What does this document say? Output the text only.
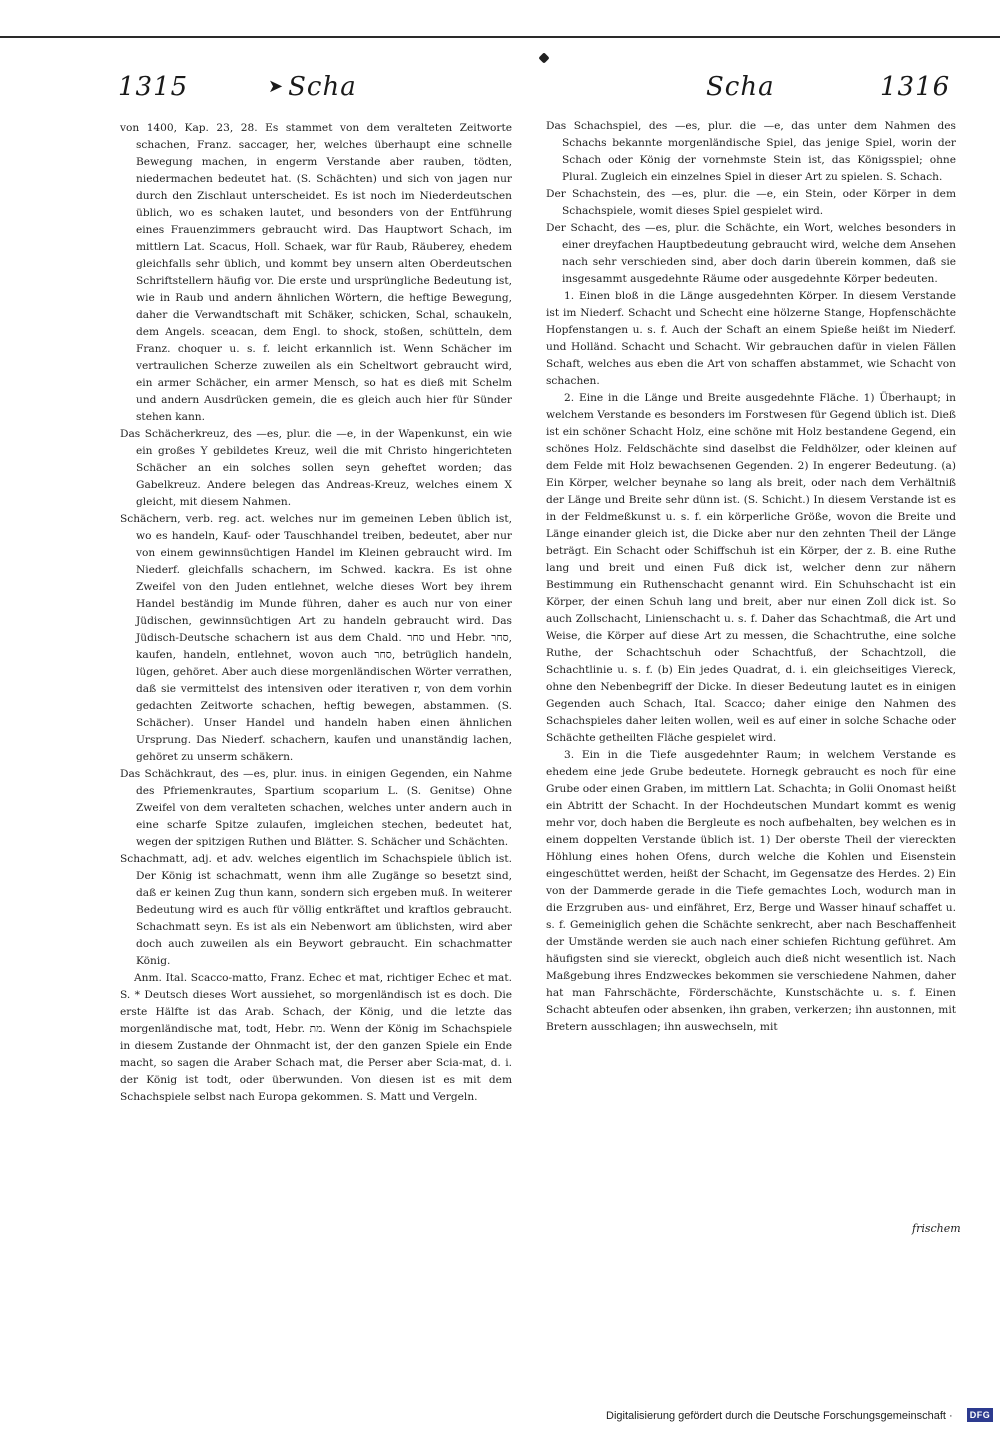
1315	➤ Scha	Scha	1316

von 1400, Kap. 23, 28. Es stammet von dem veralteten Zeitworte schachen, Franz. saccager, her, welches überhaupt eine schnelle Bewegung machen, in engerm Verstande aber rauben, tödten, niedermachen bedeutet hat. (S. Schächten) und sich von jagen nur durch den Zischlaut unterscheidet. Es ist noch im Niederdeutschen üblich, wo es schaken lautet, und besonders von der Entführung eines Frauenzimmers gebraucht wird. Das Hauptwort Schach, im mittlern Lat. Scacus, Holl. Schaek, war für Raub, Räuberey, ehedem gleichfalls sehr üblich, und kommt bey unsern alten Oberdeutschen Schriftstellern häufig vor. Die erste und ursprüngliche Bedeutung ist, wie in Raub und andern ähnlichen Wörtern, die heftige Bewegung, daher die Verwandtschaft mit Schäker, schicken, Schal, schaukeln, dem Angels. sceacan, dem Engl. to shock, stoßen, schütteln, dem Franz. choquer u. s. f. leicht erkannlich ist. Wenn Schächer im vertraulichen Scherze zuweilen als ein Scheltwort gebraucht wird, ein armer Schächer, ein armer Mensch, so hat es dieß mit Schelm und andern Ausdrücken gemein, die es gleich auch hier für Sünder stehen kann.

Das Schächerkreuz, des —es, plur. die —e, in der Wapenkunst, ein wie ein großes Y gebildetes Kreuz, weil die mit Christo hingerichteten Schächer an ein solches sollen seyn geheftet worden; das Gabelkreuz. Andere belegen das Andreas-Kreuz, welches einem X gleicht, mit diesem Nahmen.

Schächern, verb. reg. act. welches nur im gemeinen Leben üblich ist, wo es handeln, Kauf- oder Tauschhandel treiben, bedeutet, aber nur von einem gewinnsüchtigen Handel im Kleinen gebraucht wird. Im Niederf. gleichfalls schachern, im Schwed. kackra. Es ist ohne Zweifel von den Juden entlehnet, welche dieses Wort bey ihrem Handel beständig im Munde führen, daher es auch nur von einer Jüdischen, gewinnsüchtigen Art zu handeln gebraucht wird. Das Jüdisch-Deutsche schachern ist aus dem Chald. סחר und Hebr. סחר, kaufen, handeln, entlehnet, wovon auch סחר, betrüglich handeln, lügen, gehöret. Aber auch diese morgenländischen Wörter verrathen, daß sie vermittelst des intensiven oder iterativen r, von dem vorhin gedachten Zeitworte schachen, heftig bewegen, abstammen. (S. Schächer). Unser Handel und handeln haben einen ähnlichen Ursprung. Das Niederf. schachern, kaufen und unanständig lachen, gehöret zu unserm schäkern.

Das Schächkraut, des —es, plur. inus. in einigen Gegenden, ein Nahme des Pfriemenkrautes, Spartium scoparium L. (S. Genitse) Ohne Zweifel von dem veralteten schachen, welches unter andern auch in eine scharfe Spitze zulaufen, imgleichen stechen, bedeutet hat, wegen der spitzigen Ruthen und Blätter. S. Schächer und Schächten.

Schachmatt, adj. et adv. welches eigentlich im Schachspiele üblich ist. Der König ist schachmatt, wenn ihm alle Zugänge so besetzt sind, daß er keinen Zug thun kann, sondern sich ergeben muß. In weiterer Bedeutung wird es auch für völlig entkräftet und kraftlos gebraucht. Schachmatt seyn. Es ist als ein Nebenwort am üblichsten, wird aber doch auch zuweilen als ein Beywort gebraucht. Ein schachmatter König.

Anm. Ital. Scacco-matto, Franz. Echec et mat, richtiger Echec et mat. S. * Deutsch dieses Wort aussiehet, so morgenländisch ist es doch. Die erste Hälfte ist das Arab. Schach, der König, und die letzte das morgenländische mat, todt, Hebr. מת. Wenn der König im Schachspiele in diesem Zustande der Ohnmacht ist, der den ganzen Spiele ein Ende macht, so sagen die Araber Schach mat, die Perser aber Scia-mat, d. i. der König ist todt, oder überwunden. Von diesen ist es mit dem Schachspiele selbst nach Europa gekommen. S. Matt und Vergeln.

Das Schachspiel, des —es, plur. die —e, das unter dem Nahmen des Schachs bekannte morgenländische Spiel, das jenige Spiel, worin der Schach oder König der vornehmste Stein ist, das Königsspiel; ohne Plural. Zugleich ein einzelnes Spiel in dieser Art zu spielen. S. Schach.

Der Schachstein, des —es, plur. die —e, ein Stein, oder Körper in dem Schachspiele, womit dieses Spiel gespielet wird.

Der Schacht, des —es, plur. die Schächte, ein Wort, welches besonders in einer dreyfachen Hauptbedeutung gebraucht wird, welche dem Ansehen nach sehr verschieden sind, aber doch darin überein kommen, daß sie insgesammt ausgedehnte Räume oder ausgedehnte Körper bedeuten.

1. Einen bloß in die Länge ausgedehnten Körper. In diesem Verstande ist im Niederf. Schacht und Schecht eine hölzerne Stange, Hopfenschächte Hopfenstangen u. s. f. Auch der Schaft an einem Spieße heißt im Niederf. und Holländ. Schacht und Schacht. Wir gebrauchen dafür in vielen Fällen Schaft, welches aus eben die Art von schaffen abstammet, wie Schacht von schachen.

2. Eine in die Länge und Breite ausgedehnte Fläche. 1) Überhaupt; in welchem Verstande es besonders im Forstwesen für Gegend üblich ist. Dieß ist ein schöner Schacht Holz, eine schöne mit Holz bestandene Gegend, ein schönes Holz. Feldschächte sind daselbst die Feldhölzer, oder kleinen auf dem Felde mit Holz bewachsenen Gegenden. 2) In engerer Bedeutung. (a) Ein Körper, welcher beynahe so lang als breit, oder nach dem Verhältniß der Länge und Breite sehr dünn ist. (S. Schicht.) In diesem Verstande ist es in der Feldmeßkunst u. s. f. ein körperliche Größe, wovon die Breite und Länge einander gleich ist, die Dicke aber nur den zehnten Theil der Länge beträgt. Ein Schacht oder Schiffschuh ist ein Körper, der z. B. eine Ruthe lang und breit und einen Fuß dick ist, welcher denn zur nähern Bestimmung ein Ruthenschacht genannt wird. Ein Schuhschacht ist ein Körper, der einen Schuh lang und breit, aber nur einen Zoll dick ist. So auch Zollschacht, Linienschacht u. s. f. Daher das Schachtmaß, die Art und Weise, die Körper auf diese Art zu messen, die Schachtruthe, eine solche Ruthe, der Schachtschuh oder Schachtfuß, der Schachtzoll, die Schachtlinie u. s. f. (b) Ein jedes Quadrat, d. i. ein gleichseitiges Viereck, ohne den Nebenbegriff der Dicke. In dieser Bedeutung lautet es in einigen Gegenden auch Schach, Ital. Scacco; daher einige den Nahmen des Schachspieles daher leiten wollen, weil es auf einer in solche Schache oder Schächte getheilten Fläche gespielet wird.

3. Ein in die Tiefe ausgedehnter Raum; in welchem Verstande es ehedem eine jede Grube bedeutete. Hornegk gebraucht es noch für eine Grube oder einen Graben, im mittlern Lat. Schachta; in Golii Onomast heißt ein Abtritt der Schacht. In der Hochdeutschen Mundart kommt es wenig mehr vor, doch haben die Bergleute es noch aufbehalten, bey welchen es in einem doppelten Verstande üblich ist. 1) Der oberste Theil der viereckten Höhlung eines hohen Ofens, durch welche die Kohlen und Eisenstein eingeschüttet werden, heißt der Schacht, im Gegensatze des Herdes. 2) Ein von der Dammerde gerade in die Tiefe gemachtes Loch, wodurch man in die Erzgruben aus- und einfähret, Erz, Berge und Wasser hinauf schaffet u. s. f. Gemeiniglich gehen die Schächte senkrecht, aber nach Beschaffenheit der Umstände werden sie auch nach einer schiefen Richtung geführet. Am häufigsten sind sie viereckt, obgleich auch dieß nicht wesentlich ist. Nach Maßgebung ihres Endzweckes bekommen sie verschiedene Nahmen, daher hat man Fahrschächte, Förderschächte, Kunstschächte u. s. f. Einen Schacht abteufen oder absenken, ihn graben, verkerzen; ihn austonnen, mit Bretern ausschlagen; ihn auswechseln, mit

frischem
Digitalisierung gefördert durch die Deutsche Forschungsgemeinschaft ·	DFG
